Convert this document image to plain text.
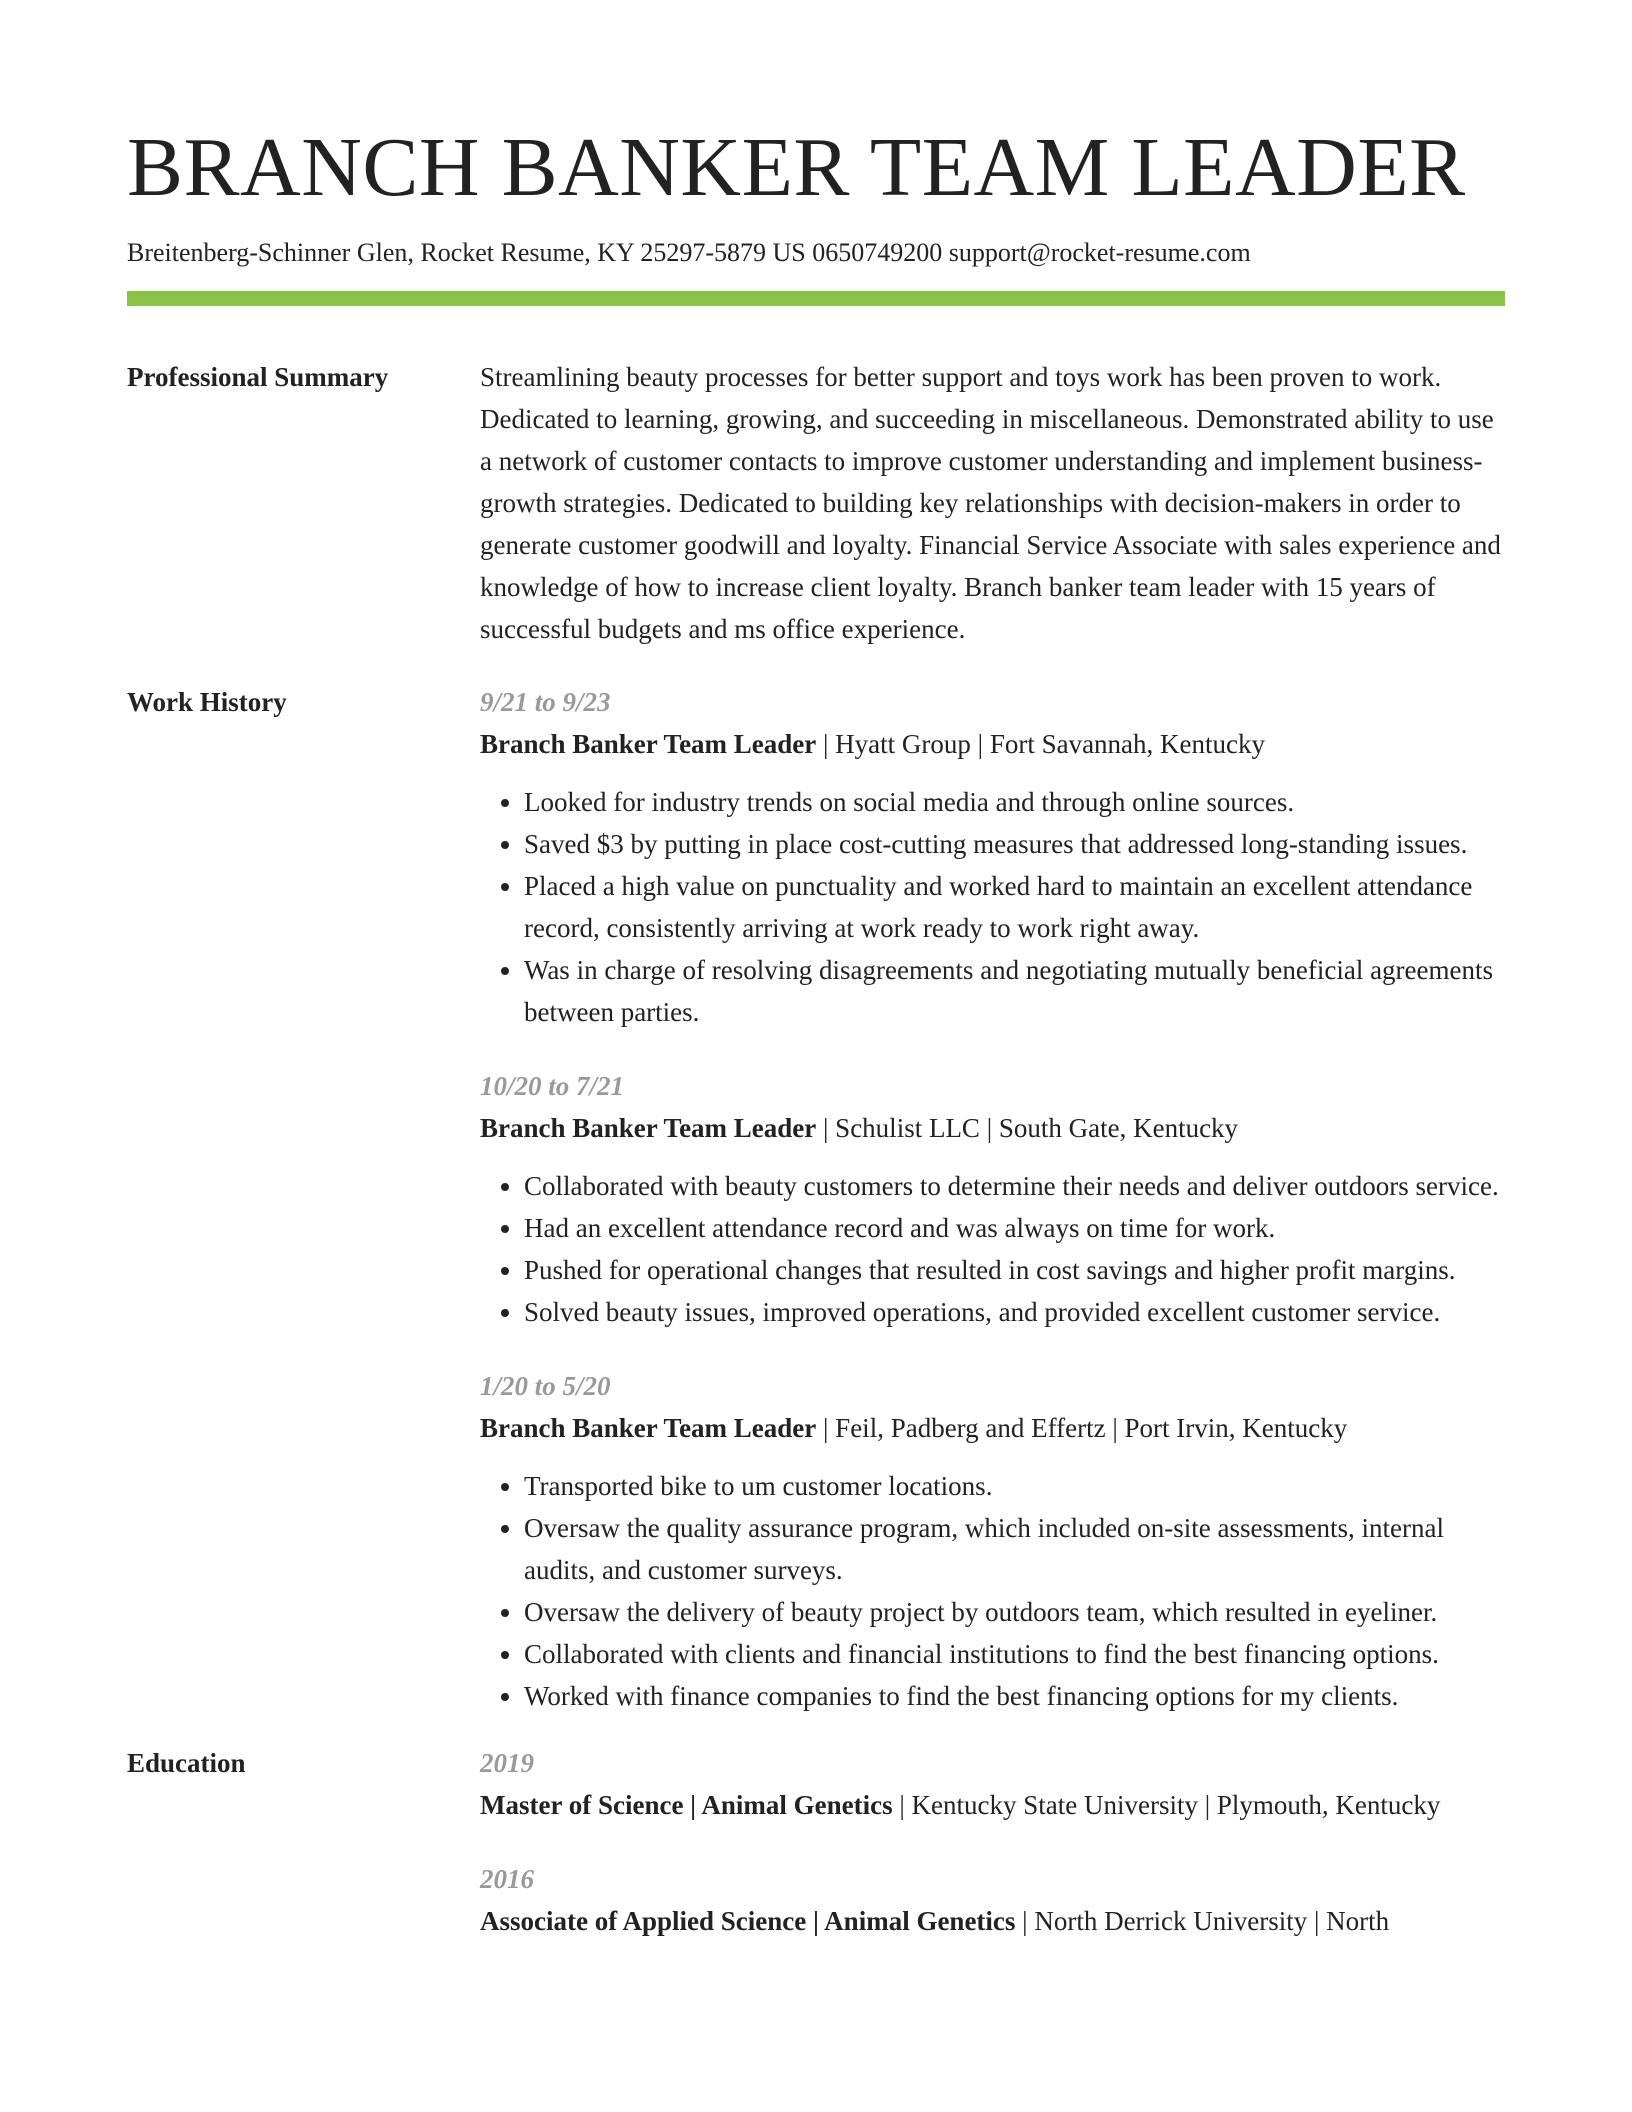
BRANCH BANKER TEAM LEADER
Breitenberg-Schinner Glen, Rocket Resume, KY 25297-5879 US 0650749200 support@rocket-resume.com
Professional Summary	Streamlining beauty processes for better support and toys work has been proven to work. Dedicated to learning, growing, and succeeding in miscellaneous. Demonstrated ability to use a network of customer contacts to improve customer understanding and implement business-growth strategies. Dedicated to building key relationships with decision-makers in order to generate customer goodwill and loyalty. Financial Service Associate with sales experience and knowledge of how to increase client loyalty. Branch banker team leader with 15 years of successful budgets and ms office experience.

Work History	9/21 to 9/23

Branch Banker Team Leader | Hyatt Group | Fort Savannah, Kentucky

• Looked for industry trends on social media and through online sources.
• Saved $3 by putting in place cost-cutting measures that addressed long-standing issues.
• Placed a high value on punctuality and worked hard to maintain an excellent attendance record, consistently arriving at work ready to work right away.
• Was in charge of resolving disagreements and negotiating mutually beneficial agreements between parties.

10/20 to 7/21

Branch Banker Team Leader | Schulist LLC | South Gate, Kentucky

• Collaborated with beauty customers to determine their needs and deliver outdoors service.
• Had an excellent attendance record and was always on time for work.
• Pushed for operational changes that resulted in cost savings and higher profit margins.
• Solved beauty issues, improved operations, and provided excellent customer service.

1/20 to 5/20

Branch Banker Team Leader | Feil, Padberg and Effertz | Port Irvin, Kentucky

• Transported bike to um customer locations.
• Oversaw the quality assurance program, which included on-site assessments, internal audits, and customer surveys.
• Oversaw the delivery of beauty project by outdoors team, which resulted in eyeliner.
• Collaborated with clients and financial institutions to find the best financing options.
• Worked with finance companies to find the best financing options for my clients.
Education	2019

Master of Science | Animal Genetics | Kentucky State University | Plymouth, Kentucky

2016

Associate of Applied Science | Animal Genetics | North Derrick University | North
